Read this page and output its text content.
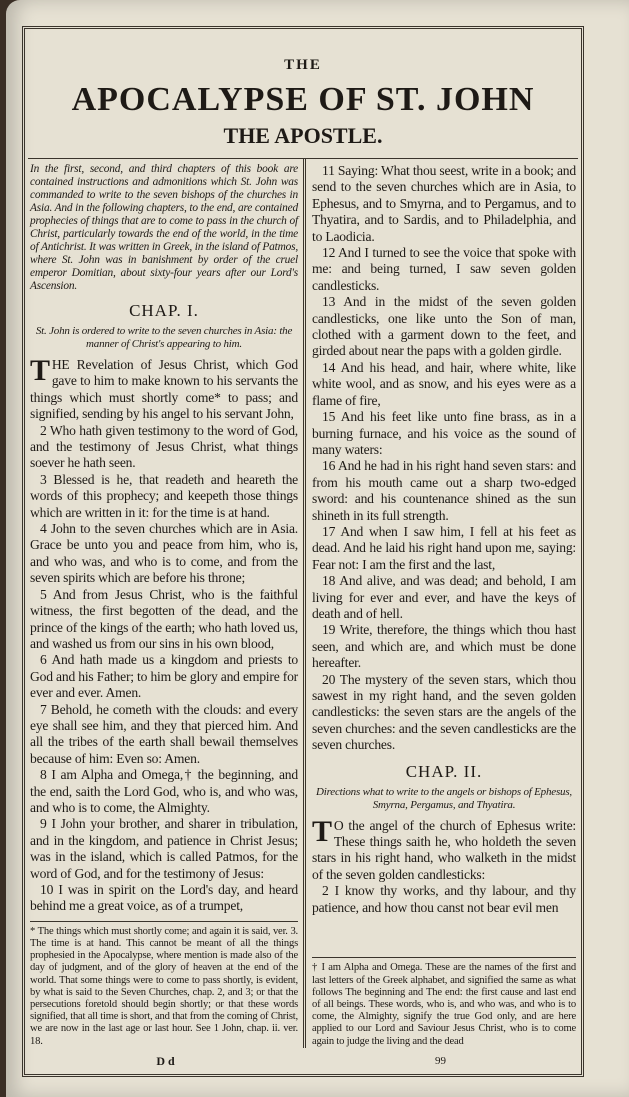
THE
APOCALYPSE OF ST. JOHN
THE APOSTLE.
In the first, second, and third chapters of this book are contained instructions and admonitions which St. John was commanded to write to the seven bishops of the churches in Asia. And in the following chapters, to the end, are contained prophecies of things that are to come to pass in the church of Christ, particularly towards the end of the world, in the time of Antichrist. It was written in Greek, in the island of Patmos, where St. John was in banishment by order of the cruel emperor Domitian, about sixty-four years after our Lord's Ascension.
CHAP. I.
St. John is ordered to write to the seven churches in Asia: the manner of Christ's appearing to him.

THE Revelation of Jesus Christ, which God gave to him to make known to his servants the things which must shortly come* to pass; and signified, sending by his angel to his servant John,

2 Who hath given testimony to the word of God, and the testimony of Jesus Christ, what things soever he hath seen.

3 Blessed is he, that readeth and heareth the words of this prophecy; and keepeth those things which are written in it: for the time is at hand.

4 John to the seven churches which are in Asia. Grace be unto you and peace from him, who is, and who was, and who is to come, and from the seven spirits which are before his throne;

5 And from Jesus Christ, who is the faithful witness, the first begotten of the dead, and the prince of the kings of the earth; who hath loved us, and washed us from our sins in his own blood,

6 And hath made us a kingdom and priests to God and his Father; to him be glory and empire for ever and ever. Amen.

7 Behold, he cometh with the clouds: and every eye shall see him, and they that pierced him. And all the tribes of the earth shall bewail themselves because of him: Even so: Amen.

8 I am Alpha and Omega,† the beginning, and the end, saith the Lord God, who is, and who was, and who is to come, the Almighty.

9 I John your brother, and sharer in tribulation, and in the kingdom, and patience in Christ Jesus; was in the island, which is called Patmos, for the word of God, and for the testimony of Jesus:

10 I was in spirit on the Lord's day, and heard behind me a great voice, as of a trumpet,

* The things which must shortly come; and again it is said, ver. 3. The time is at hand. This cannot be meant of all the things prophesied in the Apocalypse, where mention is made also of the day of judgment, and of the glory of heaven at the end of the world. That some things were to come to pass shortly, is evident, by what is said to the Seven Churches, chap. 2, and 3; or that the persecutions foretold should begin shortly; or that these words signified, that all time is short, and that from the coming of Christ, we are now in the last age or last hour. See 1 John, chap. ii. ver. 18.

11 Saying: What thou seest, write in a book; and send to the seven churches which are in Asia, to Ephesus, and to Smyrna, and to Pergamus, and to Thyatira, and to Sardis, and to Philadelphia, and to Laodicia.

12 And I turned to see the voice that spoke with me: and being turned, I saw seven golden candlesticks.

13 And in the midst of the seven golden candlesticks, one like unto the Son of man, clothed with a garment down to the feet, and girded about near the paps with a golden girdle.

14 And his head, and hair, where white, like white wool, and as snow, and his eyes were as a flame of fire,

15 And his feet like unto fine brass, as in a burning furnace, and his voice as the sound of many waters:

16 And he had in his right hand seven stars: and from his mouth came out a sharp two-edged sword: and his countenance shined as the sun shineth in its full strength.

17 And when I saw him, I fell at his feet as dead. And he laid his right hand upon me, saying: Fear not: I am the first and the last,

18 And alive, and was dead; and behold, I am living for ever and ever, and have the keys of death and of hell.

19 Write, therefore, the things which thou hast seen, and which are, and which must be done hereafter.

20 The mystery of the seven stars, which thou sawest in my right hand, and the seven golden candlesticks: the seven stars are the angels of the seven churches: and the seven candlesticks are the seven churches.

CHAP. II.
Directions what to write to the angels or bishops of Ephesus, Smyrna, Pergamus, and Thyatira.

T O the angel of the church of Ephesus write: These things saith he, who holdeth the seven stars in his right hand, who walketh in the midst of the seven golden candlesticks:

2 I know thy works, and thy labour, and thy patience, and how thou canst not bear evil men

† I am Alpha and Omega. These are the names of the first and last letters of the Greek alphabet, and signified the same as what follows The beginning and The end: the first cause and last end of all beings. These words, who is, and who was, and who is to come, the Almighty, signify the true God only, and are here applied to our Lord and Saviour Jesus Christ, who is to come again to judge the living and the dead
D d	99
